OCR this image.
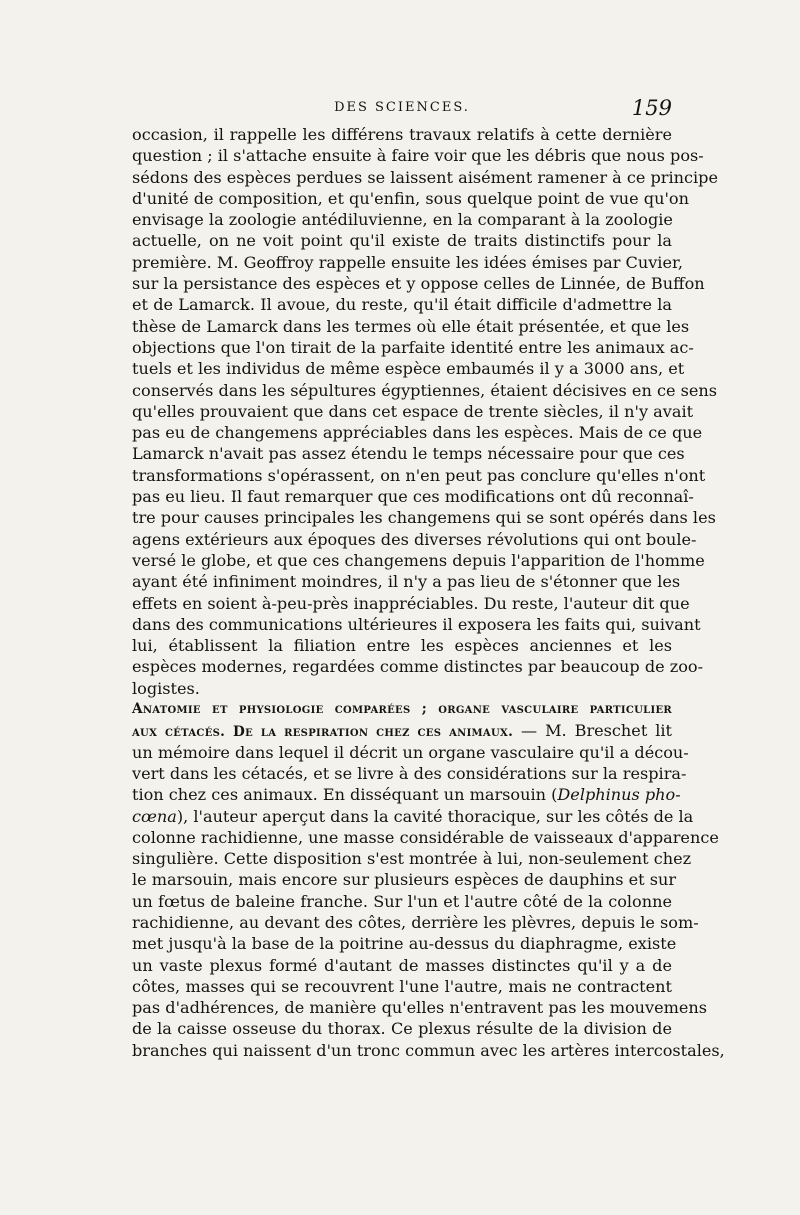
DES SCIENCES.	159
occasion, il rappelle les différens travaux relatifs à cette dernière
question ; il s'attache ensuite à faire voir que les débris que nous pos-
sédons des espèces perdues se laissent aisément ramener à ce principe
d'unité de composition, et qu'enfin, sous quelque point de vue qu'on
envisage la zoologie antédiluvienne, en la comparant à la zoologie
actuelle, on ne voit point qu'il existe de traits distinctifs pour la
première. M. Geoffroy rappelle ensuite les idées émises par Cuvier,
sur la persistance des espèces et y oppose celles de Linnée, de Buffon
et de Lamarck. Il avoue, du reste, qu'il était difficile d'admettre la
thèse de Lamarck dans les termes où elle était présentée, et que les
objections que l'on tirait de la parfaite identité entre les animaux ac-
tuels et les individus de même espèce embaumés il y a 3000 ans, et
conservés dans les sépultures égyptiennes, étaient décisives en ce sens
qu'elles prouvaient que dans cet espace de trente siècles, il n'y avait
pas eu de changemens appréciables dans les espèces. Mais de ce que
Lamarck n'avait pas assez étendu le temps nécessaire pour que ces
transformations s'opérassent, on n'en peut pas conclure qu'elles n'ont
pas eu lieu. Il faut remarquer que ces modifications ont dû reconnaî-
tre pour causes principales les changemens qui se sont opérés dans les
agens extérieurs aux époques des diverses révolutions qui ont boule-
versé le globe, et que ces changemens depuis l'apparition de l'homme
ayant été infiniment moindres, il n'y a pas lieu de s'étonner que les
effets en soient à-peu-près inappréciables. Du reste, l'auteur dit que
dans des communications ultérieures il exposera les faits qui, suivant
lui, établissent la filiation entre les espèces anciennes et les
espèces modernes, regardées comme distinctes par beaucoup de zoo-
logistes.
Anatomie et physiologie comparées ; organe vasculaire particulier
aux cétacés. De la respiration chez ces animaux. — M. Breschet lit
un mémoire dans lequel il décrit un organe vasculaire qu'il a décou-
vert dans les cétacés, et se livre à des considérations sur la respira-
tion chez ces animaux. En disséquant un marsouin (Delphinus pho-
cœna), l'auteur aperçut dans la cavité thoracique, sur les côtés de la
colonne rachidienne, une masse considérable de vaisseaux d'apparence
singulière. Cette disposition s'est montrée à lui, non-seulement chez
le marsouin, mais encore sur plusieurs espèces de dauphins et sur
un fœtus de baleine franche. Sur l'un et l'autre côté de la colonne
rachidienne, au devant des côtes, derrière les plèvres, depuis le som-
met jusqu'à la base de la poitrine au-dessus du diaphragme, existe
un vaste plexus formé d'autant de masses distinctes qu'il y a de
côtes, masses qui se recouvrent l'une l'autre, mais ne contractent
pas d'adhérences, de manière qu'elles n'entravent pas les mouvemens
de la caisse osseuse du thorax. Ce plexus résulte de la division de
branches qui naissent d'un tronc commun avec les artères intercostales,
